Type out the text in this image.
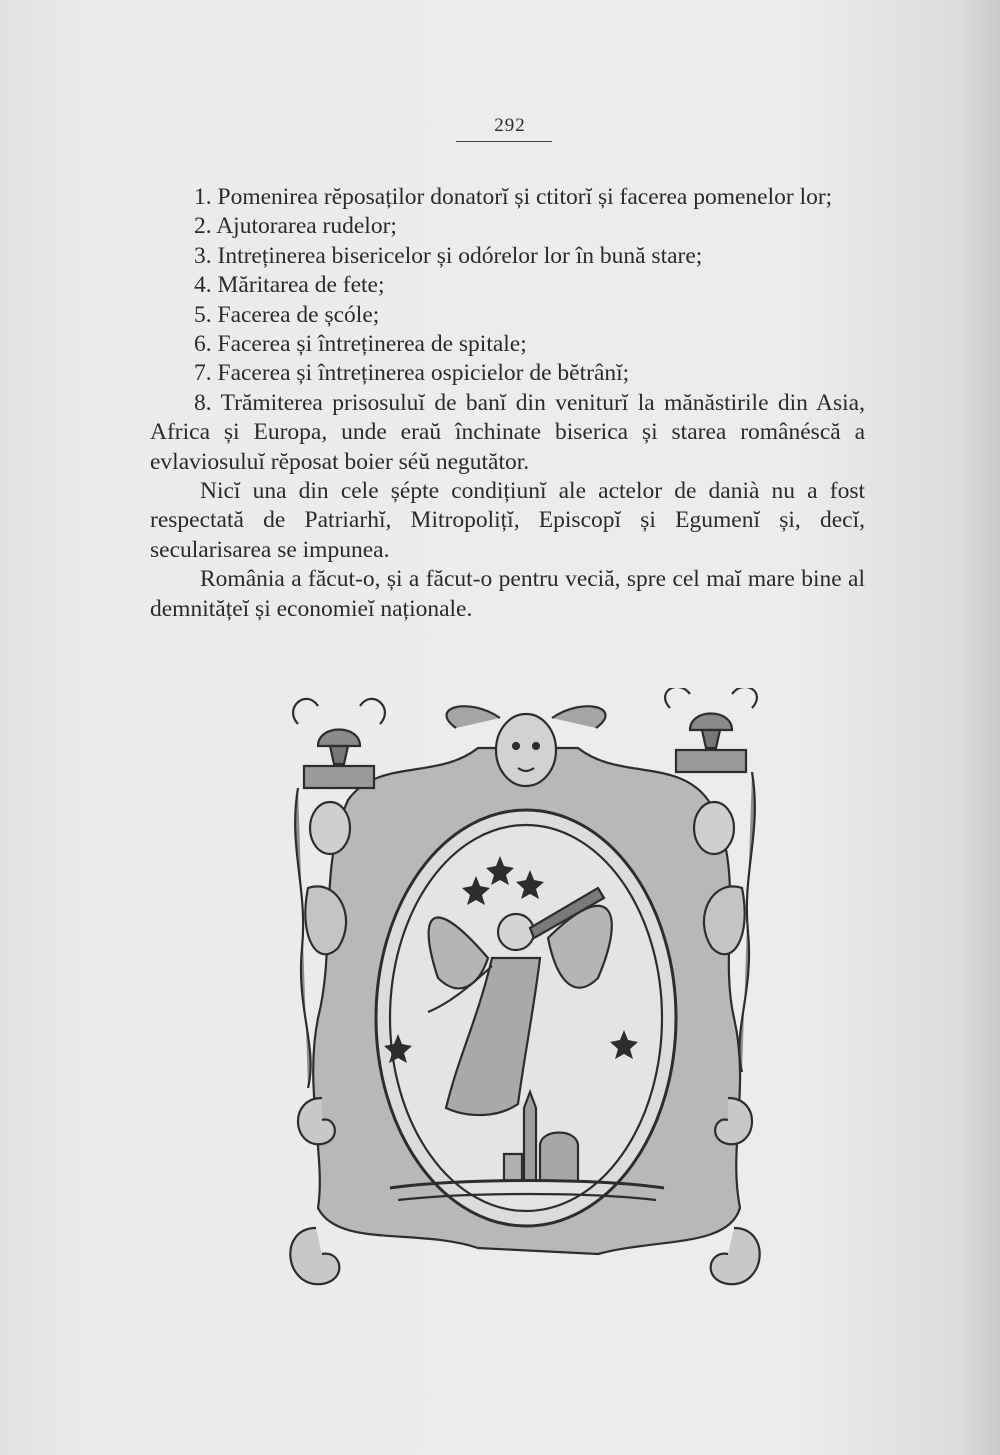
292

1. Pomenirea rĕposaților donatorĭ și ctitorĭ și facerea pomenelor lor;

2. Ajutorarea rudelor;

3. Intreținerea bisericelor și odórelor lor în bună stare;

4. Măritarea de fete;

5. Facerea de șcóle;

6. Facerea și întreținerea de spitale;

7. Facerea și întreținerea ospicielor de bĕtrânĭ;

8. Trămiterea prisosuluĭ de banĭ din veniturĭ la mănăstirile din Asia, Africa și Europa, unde eraŭ închinate biserica și starea românéscă a evlaviosuluĭ rĕposat boier séŭ negutător.

Nicĭ una din cele șépte condițiunĭ ale actelor de danià nu a fost respectată de Patriarhĭ, Mitropolițĭ, Episcopĭ și Egumenĭ și, decĭ, secularisarea se impunea.

România a făcut-o, și a făcut-o pentru veciă, spre cel maĭ mare bine al demnitățeĭ și economieĭ naționale.
